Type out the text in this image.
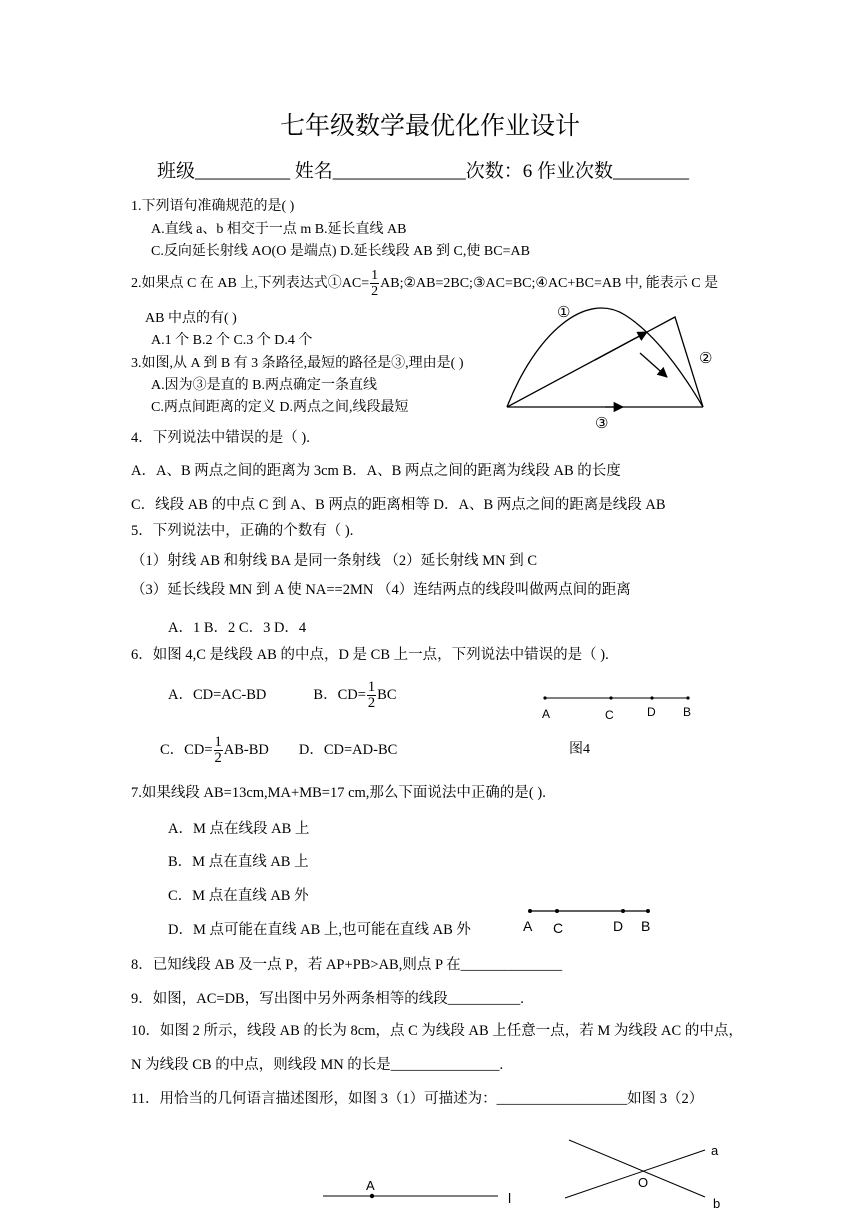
七年级数学最优化作业设计
班级__________ 姓名______________次数：6 作业次数________
1.下列语句准确规范的是( )
A.直线 a、b 相交于一点 m B.延长直线 AB
C.反向延长射线 AO(O 是端点) D.延长线段 AB 到 C,使 BC=AB
2.如果点 C 在 AB 上,下列表达式①AC= $\frac{1}{2}$ AB;②AB=2BC;③AC=BC;④AC+BC=AB 中, 能表示 C 是
AB 中点的有( )
A.1 个 B.2 个 C.3 个 D.4 个
3.如图,从 A 到 B 有 3 条路径,最短的路径是③,理由是( )
A.因为③是直的 B.两点确定一条直线
C.两点间距离的定义 D.两点之间,线段最短
①
②
③
4．下列说法中错误的是（ ).
A．A、B 两点之间的距离为 3cm B．A、B 两点之间的距离为线段 AB 的长度
C．线段 AB 的中点 C 到 A、B 两点的距离相等 D．A、B 两点之间的距离是线段 AB
5．下列说法中，正确的个数有（ ).
（1）射线 AB 和射线 BA 是同一条射线 （2）延长射线 MN 到 C
（3）延长线段 MN 到 A 使 NA==2MN （4）连结两点的线段叫做两点间的距离
A．1 B．2 C．3 D．4
6．如图 4,C 是线段 AB 的中点，D 是 CB 上一点，下列说法中错误的是（ ).
A．CD=AC-BD	B．$CD= \frac{1}{2}$ BC
C．$CD= \frac{1}{2} AB-BD$ D．CD=AD-BC
A	C	D B
图4
7.如果线段 AB=13cm,MA+MB=17 cm,那么下面说法中正确的是( ).
A．M 点在线段 AB 上
B．M 点在直线 AB 上
C．M 点在直线 AB 外
D．M 点可能在直线 AB 上,也可能在直线 AB 外	A C	D B
8．已知线段 AB 及一点 P，若 AP+PB>AB,则点 P 在______________
9．如图，AC=DB，写出图中另外两条相等的线段__________.
10．如图 2 所示，线段 AB 的长为 8cm，点 C 为线段 AB 上任意一点，若 M 为线段 AC 的中点，
N 为线段 CB 的中点，则线段 MN 的长是_______________.
11．用恰当的几何语言描述图形，如图 3（1）可描述为：__________________如图 3（2）
A
l
a
O
b
